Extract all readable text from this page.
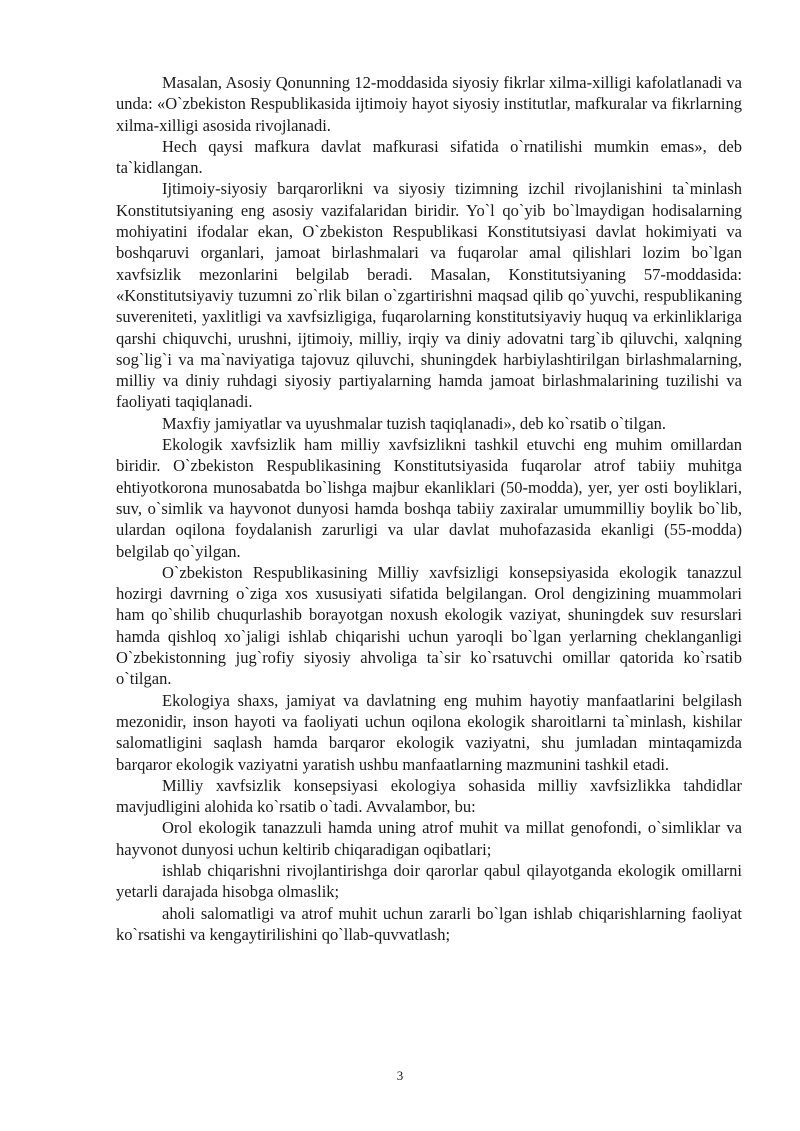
Masalan, Asosiy Qonunning 12-moddasida siyosiy fikrlar xilma-xilligi kafolatlanadi va unda: «O`zbekiston Respublikasida ijtimoiy hayot siyosiy institutlar, mafkuralar va fikrlarning xilma-xilligi asosida rivojlanadi.

Hech qaysi mafkura davlat mafkurasi sifatida o`rnatilishi mumkin emas», deb ta`kidlangan.

Ijtimoiy-siyosiy barqarorlikni va siyosiy tizimning izchil rivojlanishini ta`minlash Konstitutsiyaning eng asosiy vazifalaridan biridir. Yo`l qo`yib bo`lmaydigan hodisalarning mohiyatini ifodalar ekan, O`zbekiston Respublikasi Konstitutsiyasi davlat hokimiyati va boshqaruvi organlari, jamoat birlashmalari va fuqarolar amal qilishlari lozim bo`lgan xavfsizlik mezonlarini belgilab beradi. Masalan, Konstitutsiyaning 57-moddasida: «Konstitutsiyaviy tuzumni zo`rlik bilan o`zgartirishni maqsad qilib qo`yuvchi, respublikaning suvereniteti, yaxlitligi va xavfsizligiga, fuqarolarning konstitutsiyaviy huquq va erkinliklariga qarshi chiquvchi, urushni, ijtimoiy, milliy, irqiy va diniy adovatni targ`ib qiluvchi, xalqning sog`lig`i va ma`naviyatiga tajovuz qiluvchi, shuningdek harbiylashtirilgan birlashmalarning, milliy va diniy ruhdagi siyosiy partiyalarning hamda jamoat birlashmalarining tuzilishi va faoliyati taqiqlanadi.

Maxfiy jamiyatlar va uyushmalar tuzish taqiqlanadi», deb ko`rsatib o`tilgan.

Ekologik xavfsizlik ham milliy xavfsizlikni tashkil etuvchi eng muhim omillardan biridir. O`zbekiston Respublikasining Konstitutsiyasida fuqarolar atrof tabiiy muhitga ehtiyotkorona munosabatda bo`lishga majbur ekanliklari (50-modda), yer, yer osti boyliklari, suv, o`simlik va hayvonot dunyosi hamda boshqa tabiiy zaxiralar umummilliy boylik bo`lib, ulardan oqilona foydalanish zarurligi va ular davlat muhofazasida ekanligi (55-modda) belgilab qo`yilgan.

O`zbekiston Respublikasining Milliy xavfsizligi konsepsiyasida ekologik tanazzul hozirgi davrning o`ziga xos xususiyati sifatida belgilangan. Orol dengizining muammolari ham qo`shilib chuqurlashib borayotgan noxush ekologik vaziyat, shuningdek suv resurslari hamda qishloq xo`jaligi ishlab chiqarishi uchun yaroqli bo`lgan yerlarning cheklanganligi O`zbekistonning jug`rofiy siyosiy ahvoliga ta`sir ko`rsatuvchi omillar qatorida ko`rsatib o`tilgan.

Ekologiya shaxs, jamiyat va davlatning eng muhim hayotiy manfaatlarini belgilash mezonidir, inson hayoti va faoliyati uchun oqilona ekologik sharoitlarni ta`minlash, kishilar salomatligini saqlash hamda barqaror ekologik vaziyatni, shu jumladan mintaqamizda barqaror ekologik vaziyatni yaratish ushbu manfaatlarning mazmunini tashkil etadi.

Milliy xavfsizlik konsepsiyasi ekologiya sohasida milliy xavfsizlikka tahdidlar mavjudligini alohida ko`rsatib o`tadi. Avvalambor, bu:

Orol ekologik tanazzuli hamda uning atrof muhit va millat genofondi, o`simliklar va hayvonot dunyosi uchun keltirib chiqaradigan oqibatlari;

ishlab chiqarishni rivojlantirishga doir qarorlar qabul qilayotganda ekologik omillarni yetarli darajada hisobga olmaslik;

aholi salomatligi va atrof muhit uchun zararli bo`lgan ishlab chiqarishlarning faoliyat ko`rsatishi va kengaytirilishini qo`llab-quvvatlash;

3
